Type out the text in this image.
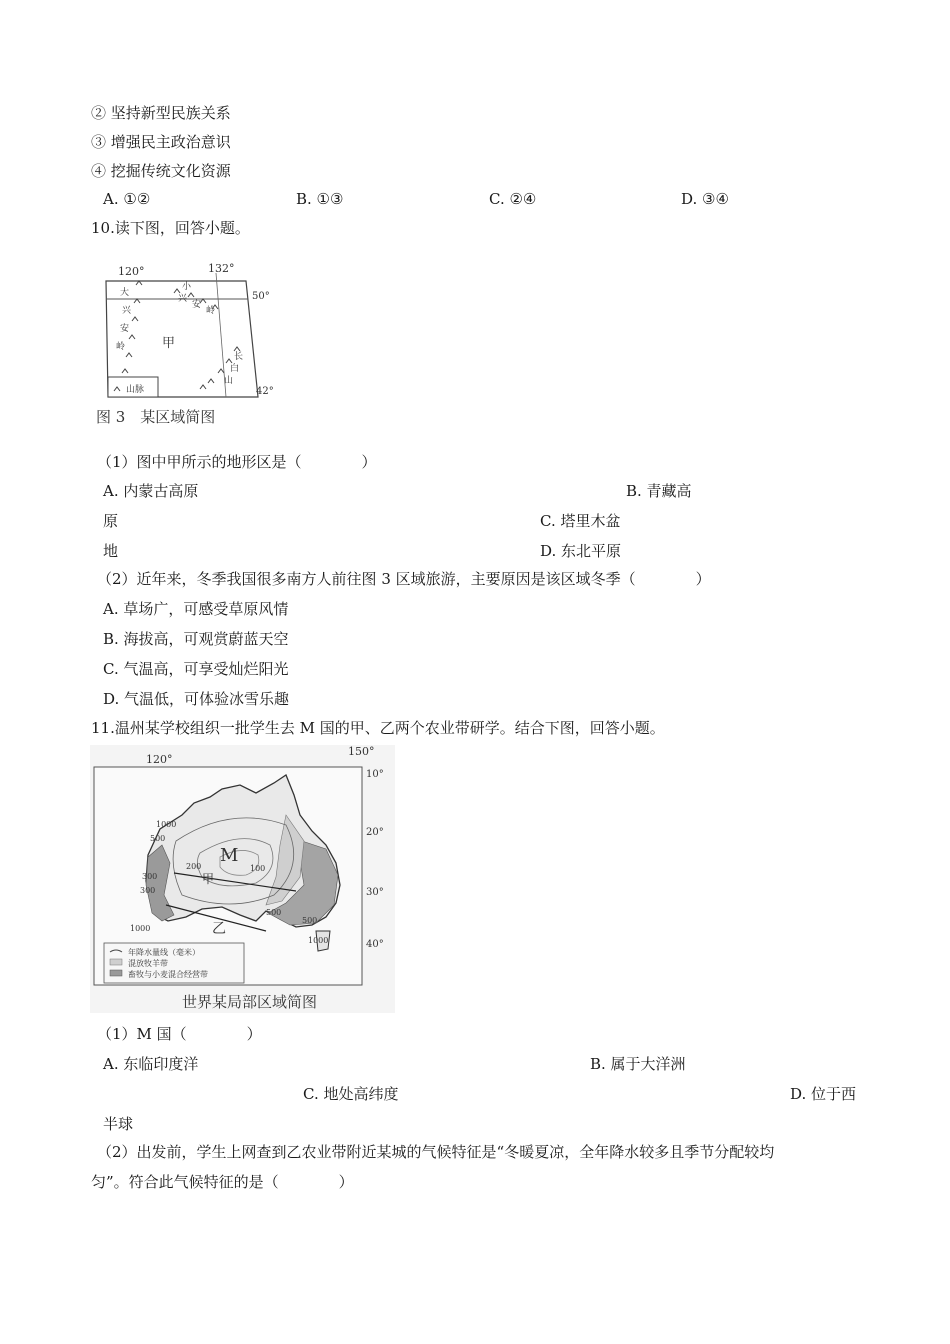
② 坚持新型民族关系
③ 增强民主政治意识
④ 挖掘传统文化资源
A. ①②	B. ①③	C. ②④	D. ③④
10.读下图，回答小题。
120°	132°
50°
42°
大
兴
安
岭
小
兴
安
岭
甲
长
白
山
山脉
图 3　某区域简图
（1）图中甲所示的地形区是（　　　　）
A. 内蒙古高原	B. 青藏高
原	C. 塔里木盆
地	D. 东北平原
（2）近年来，冬季我国很多南方人前往图 3 区域旅游，主要原因是该区域冬季（　　　　）
A. 草场广，可感受草原风情
B. 海拔高，可观赏蔚蓝天空
C. 气温高，可享受灿烂阳光
D. 气温低，可体验冰雪乐趣
11.温州某学校组织一批学生去 M 国的甲、乙两个农业带研学。结合下图，回答小题。
120°
150°
10°
20°
30°
40°
M
甲
乙
1000
500
300
200	100
300
500
1000
500
1000
年降水量线（毫米）
混放牧羊带
畜牧与小麦混合经营带
世界某局部区域简图
（1）M 国（　　　　）
A. 东临印度洋	B. 属于大洋洲
C. 地处高纬度	D. 位于西
半球
（2）出发前，学生上网查到乙农业带附近某城的气候特征是“冬暖夏凉，全年降水较多且季节分配较均
匀”。符合此气候特征的是（　　　　）
